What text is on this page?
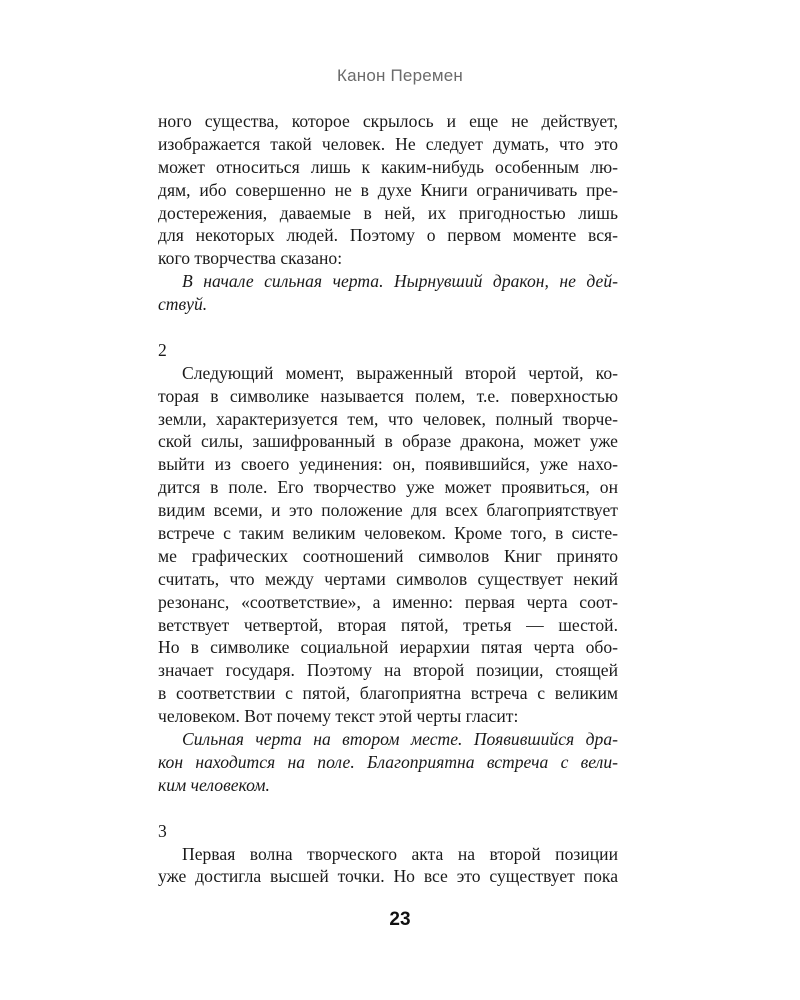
Канон Перемен
ного существа, которое скрылось и еще не действует,
изображается такой человек. Не следует думать, что это
может относиться лишь к каким-нибудь особенным лю-
дям, ибо совершенно не в духе Книги ограничивать пре-
достережения, даваемые в ней, их пригодностью лишь
для некоторых людей. Поэтому о первом моменте вся-
кого творчества сказано:
В начале сильная черта. Нырнувший дракон, не дей-
ствуй.
2
Следующий момент, выраженный второй чертой, ко-
торая в символике называется полем, т.е. поверхностью
земли, характеризуется тем, что человек, полный творче-
ской силы, зашифрованный в образе дракона, может уже
выйти из своего уединения: он, появившийся, уже нахо-
дится в поле. Его творчество уже может проявиться, он
видим всеми, и это положение для всех благоприятствует
встрече с таким великим человеком. Кроме того, в систе-
ме графических соотношений символов Книг принято
считать, что между чертами символов существует некий
резонанс, «соответствие», а именно: первая черта соот-
ветствует четвертой, вторая пятой, третья — шестой.
Но в символике социальной иерархии пятая черта обо-
значает государя. Поэтому на второй позиции, стоящей
в соответствии с пятой, благоприятна встреча с великим
человеком. Вот почему текст этой черты гласит:
Сильная черта на втором месте. Появившийся дра-
кон находится на поле. Благоприятна встреча с вели-
ким человеком.
3
Первая волна творческого акта на второй позиции
уже достигла высшей точки. Но все это существует пока
23
